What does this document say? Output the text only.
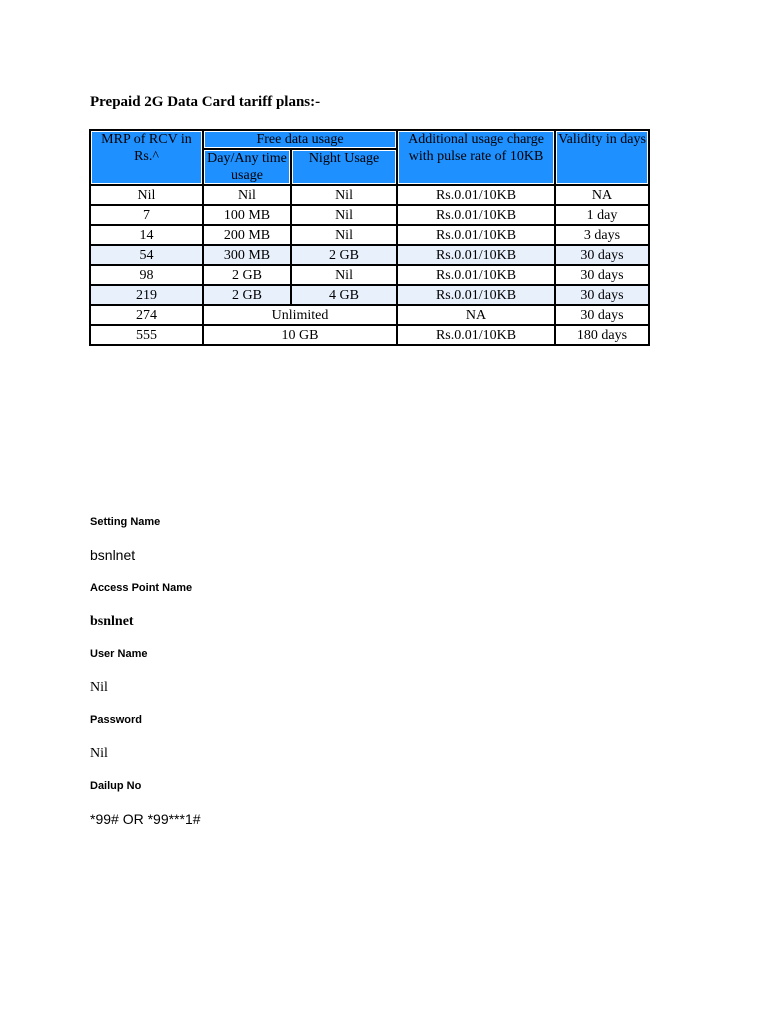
Prepaid 2G Data Card tariff plans:-
MRP of RCV in Rs.^	Free data usage		Additional usage charge with pulse rate of 10KB	Validity in days
	Day/Any time usage	Night Usage		
Nil	Nil	Nil	Rs.0.01/10KB	NA
7	100 MB	Nil	Rs.0.01/10KB	1 day
14	200 MB	Nil	Rs.0.01/10KB	3 days
54	300 MB	2 GB	Rs.0.01/10KB	30 days
98	2 GB	Nil	Rs.0.01/10KB	30 days
219	2 GB	4 GB	Rs.0.01/10KB	30 days
274	Unlimited		NA	30 days
555	10 GB		Rs.0.01/10KB	180 days
Setting Name
bsnlnet
Access Point Name
bsnlnet
User Name
Nil
Password
Nil
Dailup No
*99# OR *99***1#
